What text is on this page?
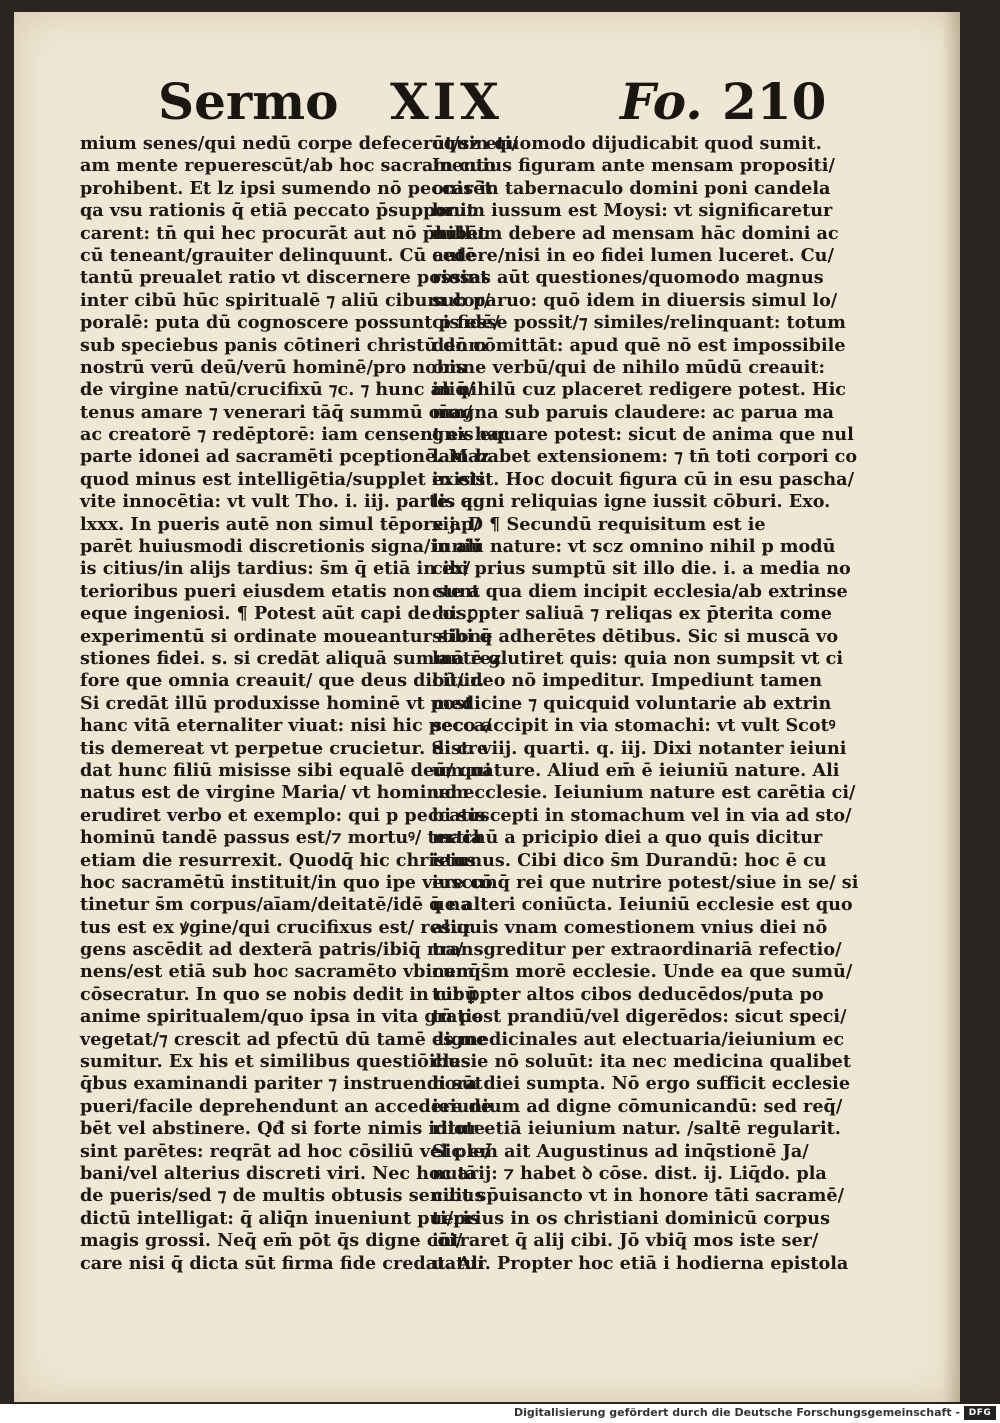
Sermo XIX Fo. 210
mium senes/qui nedū corpe defecerūt/sz eti/
am mente repuerescūt/ab hoc sacramento
prohibent. Et lz ipsi sumendo nō peccarēt
qa vsu rationis q̄ etiā peccato p̄supponit
carent: tn̄ qui hec procurāt aut nō p̄hibēt
cū teneant/grauiter delinquunt. Cū autē
tantū preualet ratio vt discernere possint
inter cibū hūc spiritualē ⁊ aliū cibum cor/
poralē: puta dū cognoscere possunt p fidē/
sub speciebus panis cōtineri christū dn̄m
nostrū verū deū/verū hominē/pro nobis
de virgine natū/crucifixū ⁊c. ⁊ hunc aliq̄/
tenus amare ⁊ venerari tāq̄ summū oīm/
ac creatorē ⁊ redēptorē: iam censent ex hac
parte idonei ad sacramēti pceptionē. Maz
quod minus est intelligētia/supplet in eis
vite innocētia: vt vult Tho. i. iij. parte. q.
lxxx. In pueris autē non simul tēpore ap/
parēt huiusmodi discretionis signa/in ali
is citius/in alijs tardius: s̄m q̄ etiā in ex/
terioribus pueri eiusdem etatis non sunt
eque ingeniosi. ¶ Potest aūt capi de his
experimentū si ordinate moueantur sibi q̄
stiones fidei. s. si credāt aliquā summā rez
fore que omnia creauit/ que deus dicitur.
Si credāt illū produxisse hominē vt post
hanc vitā eternaliter viuat: nisi hic pecca/
tis demereat vt perpetue crucietur. Si cre
dat hunc filiū misisse sibi equalē deū/ qui
natus est de virgine Maria/ vt hominem
erudiret verbo et exemplo: qui p peccatis
hominū tandē passus est/⁊ mortuꝰ/ tertia
etiam die resurrexit. Quodq̄ hic christus
hoc sacramētū instituit/in quo ipe vere cō
tinetur s̄m corpus/aīam/deitatē/idē q̄ na
tus est ex ꝟgine/qui crucifixus est/ resur
gens ascēdit ad dexterā patris/ibiq̄ ma/
nens/est etiā sub hoc sacramēto vbicunq̄
cōsecratur. In quo se nobis dedit in cibū
anime spiritualem/quo ipsa in vita gratie
vegetat/⁊ crescit ad pfectū dū tamē digne
sumitur. Ex his et similibus questiōibus
q̄bus examinandi pariter ⁊ instruendi sūt
pueri/facile deprehendunt an accedere de
bēt vel abstinere. Qđ si forte nimis idiote
sint parētes: reqrāt ad hoc cōsiliū vel ple/
bani/vel alterius discreti viri. Nec hoc tā
de pueris/sed ⁊ de multis obtusis senibus
dictū intelligat: q̄ aliq̄n inueniunt pueris
magis grossi. Neq̄ em̄ pōt q̄s digne cōi/
care nisi q̄ dicta sūt firma fide credat. Ali
oquin quomodo dijudicabit quod sumit.
In cuius figuram ante mensam propositi/
onis in tabernaculo domini poni candela
brum iussum est Moysi: vt significaretur
nullum debere ad mensam hāc domini ac
cedere/nisi in eo fidei lumen luceret. Cu/
riosas aūt questiones/quomodo magnus
sub paruo: quō idem in diuersis simul lo/
cis esse possit/⁊ similes/relinquant: totum
deo cōmittāt: apud quē nō est impossibile
omne verbū/qui de nihilo mūdū creauit:
in nihilū cuz placeret redigere potest. Hic
magna sub paruis claudere: ac parua ma
gnis equare potest: sicut de anima que nul
lam habet extensionem: ⁊ tn̄ toti corpori co
existit. Hoc docuit figura cū in esu pascha/
lis agni reliquias igne iussit cōburi. Exo.
xij. D ¶ Secundū requisitum est ie
iuniū nature: vt scz omnino nihil p modū
cibi prius sumptū sit illo die. i. a media no
cte a qua diem incipit ecclesia/ab extrinse
co: ꝑpter saliuā ⁊ reliqas ex p̄terita come
stione adherētes dētibus. Sic si muscā vo
lantē glutiret quis: quia non sumpsit vt ci
bū/ideo nō impeditur. Impediunt tamen
medicine ⁊ quicquid voluntarie ab extrin
seco accipit in via stomachi: vt vult Scotꝰ
dist. viij. quarti. q. iij. Dixi notanter ieiuni
um nature. Aliud em̄ ē ieiuniū nature. Ali
ud ecclesie. Ieiunium nature est carētia ci/
bi suscepti in stomachum vel in via ad sto/
machū a pricipio diei a quo quis dicitur
ieiunus. Cibi dico s̄m Durandū: hoc ē cu
iuscunq̄ rei que nutrire potest/siue in se/ si
ue alteri coniūcta. Ieiuniū ecclesie est quo
aliquis vnam comestionem vnius diei nō
transgreditur per extraordinariā refectio/
nem s̄m morē ecclesie. Unde ea que sumū/
tur ꝑpter altos cibos deducēdos/puta po
tū post prandiū/vel digerēdos: sicut speci/
es medicinales aut electuaria/ieiunium ec
clesie nō soluūt: ita nec medicina qualibet
hora diei sumpta. Nō ergo sufficit ecclesie
ieiunium ad digne cōmunicandū: sed req̄/
ritur etiā ieiunium natur. /saltē regularit.
Sic em̄ ait Augustinus ad inq̄stionē Ja/
nuarij: ⁊ habet ꝺ cōse. dist. ij. Liq̄do. pla
cuit sp̄uisancto vt in honore tāti sacramē/
ti/prius in os christiani dominicū corpus
intraret q̄ alij cibi. Jō vbiq̄ mos iste ser/
uatur. Propter hoc etiā i hodierna epistola
Digitalisierung gefördert durch die Deutsche Forschungsgemeinschaft - DFG
